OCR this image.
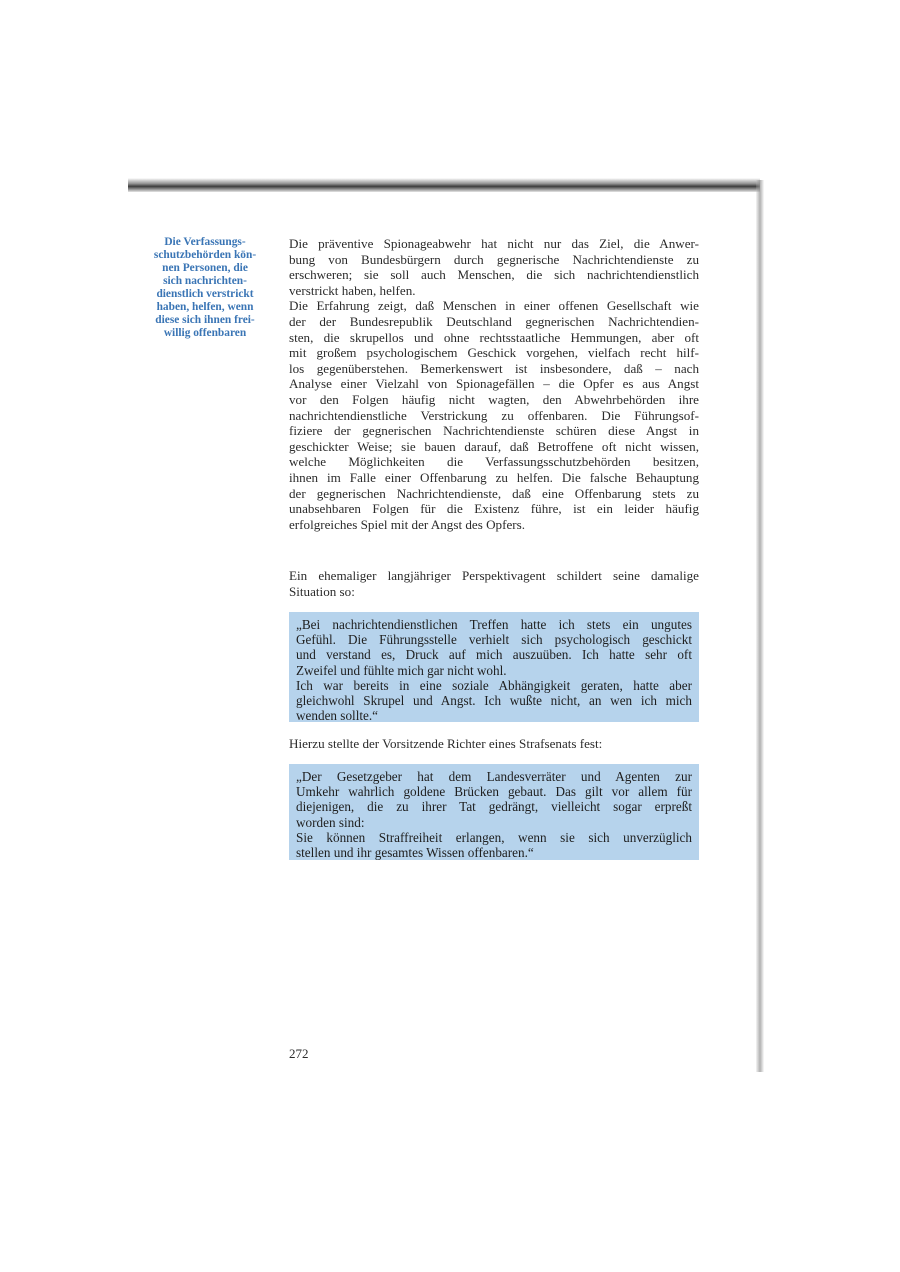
Die Verfassungs-
schutzbehörden kön-
nen Personen, die
sich nachrichten-
dienstlich verstrickt
haben, helfen, wenn
diese sich ihnen frei-
willig offenbaren
Die präventive Spionageabwehr hat nicht nur das Ziel, die Anwer-
bung von Bundesbürgern durch gegnerische Nachrichtendienste zu
erschweren; sie soll auch Menschen, die sich nachrichtendienstlich
verstrickt haben, helfen.
Die Erfahrung zeigt, daß Menschen in einer offenen Gesellschaft wie
der der Bundesrepublik Deutschland gegnerischen Nachrichtendien-
sten, die skrupellos und ohne rechtsstaatliche Hemmungen, aber oft
mit großem psychologischem Geschick vorgehen, vielfach recht hilf-
los gegenüberstehen. Bemerkenswert ist insbesondere, daß – nach
Analyse einer Vielzahl von Spionagefällen – die Opfer es aus Angst
vor den Folgen häufig nicht wagten, den Abwehrbehörden ihre
nachrichtendienstliche Verstrickung zu offenbaren. Die Führungsof-
fiziere der gegnerischen Nachrichtendienste schüren diese Angst in
geschickter Weise; sie bauen darauf, daß Betroffene oft nicht wissen,
welche Möglichkeiten die Verfassungsschutzbehörden besitzen,
ihnen im Falle einer Offenbarung zu helfen. Die falsche Behauptung
der gegnerischen Nachrichtendienste, daß eine Offenbarung stets zu
unabsehbaren Folgen für die Existenz führe, ist ein leider häufig
erfolgreiches Spiel mit der Angst des Opfers.
Ein ehemaliger langjähriger Perspektivagent schildert seine damalige
Situation so:
„Bei nachrichtendienstlichen Treffen hatte ich stets ein ungutes
Gefühl. Die Führungsstelle verhielt sich psychologisch geschickt
und verstand es, Druck auf mich auszuüben. Ich hatte sehr oft
Zweifel und fühlte mich gar nicht wohl.
Ich war bereits in eine soziale Abhängigkeit geraten, hatte aber
gleichwohl Skrupel und Angst. Ich wußte nicht, an wen ich mich
wenden sollte.“
Hierzu stellte der Vorsitzende Richter eines Strafsenats fest:
„Der Gesetzgeber hat dem Landesverräter und Agenten zur
Umkehr wahrlich goldene Brücken gebaut. Das gilt vor allem für
diejenigen, die zu ihrer Tat gedrängt, vielleicht sogar erpreßt
worden sind:
Sie können Straffreiheit erlangen, wenn sie sich unverzüglich
stellen und ihr gesamtes Wissen offenbaren.“
272
